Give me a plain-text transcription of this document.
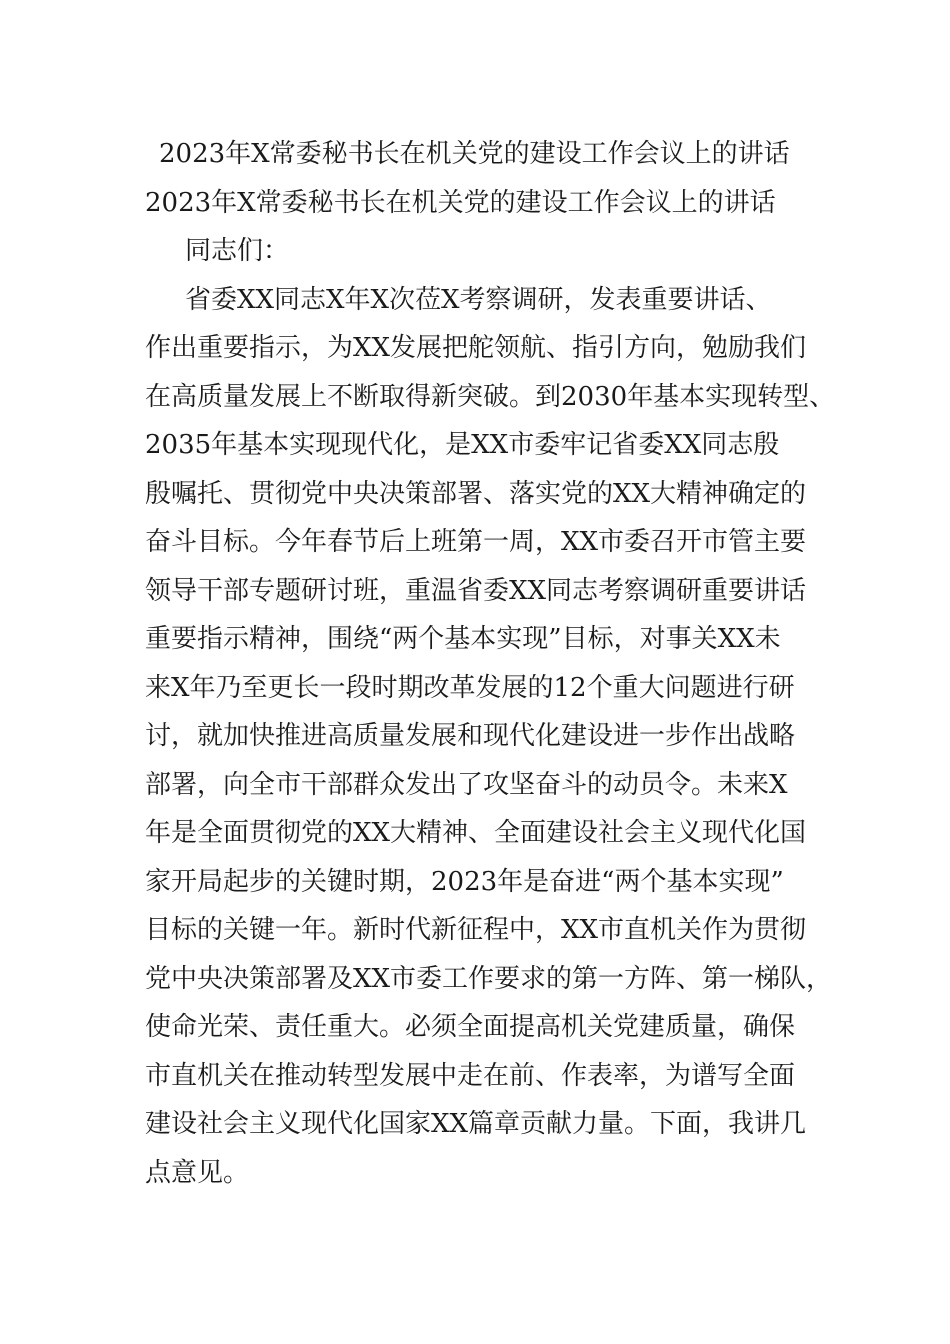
2023年X常委秘书长在机关党的建设工作会议上的讲话
2023年X常委秘书长在机关党的建设工作会议上的讲话
同志们：

省委XX同志X年X次莅X考察调研，发表重要讲话、

作出重要指示，为XX发展把舵领航、指引方向，勉励我们

在高质量发展上不断取得新突破。到2030年基本实现转型、

2035年基本实现现代化，是XX市委牢记省委XX同志殷

殷嘱托、贯彻党中央决策部署、落实党的XX大精神确定的

奋斗目标。今年春节后上班第一周，XX市委召开市管主要

领导干部专题研讨班，重温省委XX同志考察调研重要讲话

重要指示精神，围绕“两个基本实现”目标，对事关XX未

来X年乃至更长一段时期改革发展的12个重大问题进行研

讨，就加快推进高质量发展和现代化建设进一步作出战略

部署，向全市干部群众发出了攻坚奋斗的动员令。未来X

年是全面贯彻党的XX大精神、全面建设社会主义现代化国

家开局起步的关键时期，2023年是奋进“两个基本实现”

目标的关键一年。新时代新征程中，XX市直机关作为贯彻

党中央决策部署及XX市委工作要求的第一方阵、第一梯队，

使命光荣、责任重大。必须全面提高机关党建质量，确保

市直机关在推动转型发展中走在前、作表率，为谱写全面

建设社会主义现代化国家XX篇章贡献力量。下面，我讲几

点意见。
